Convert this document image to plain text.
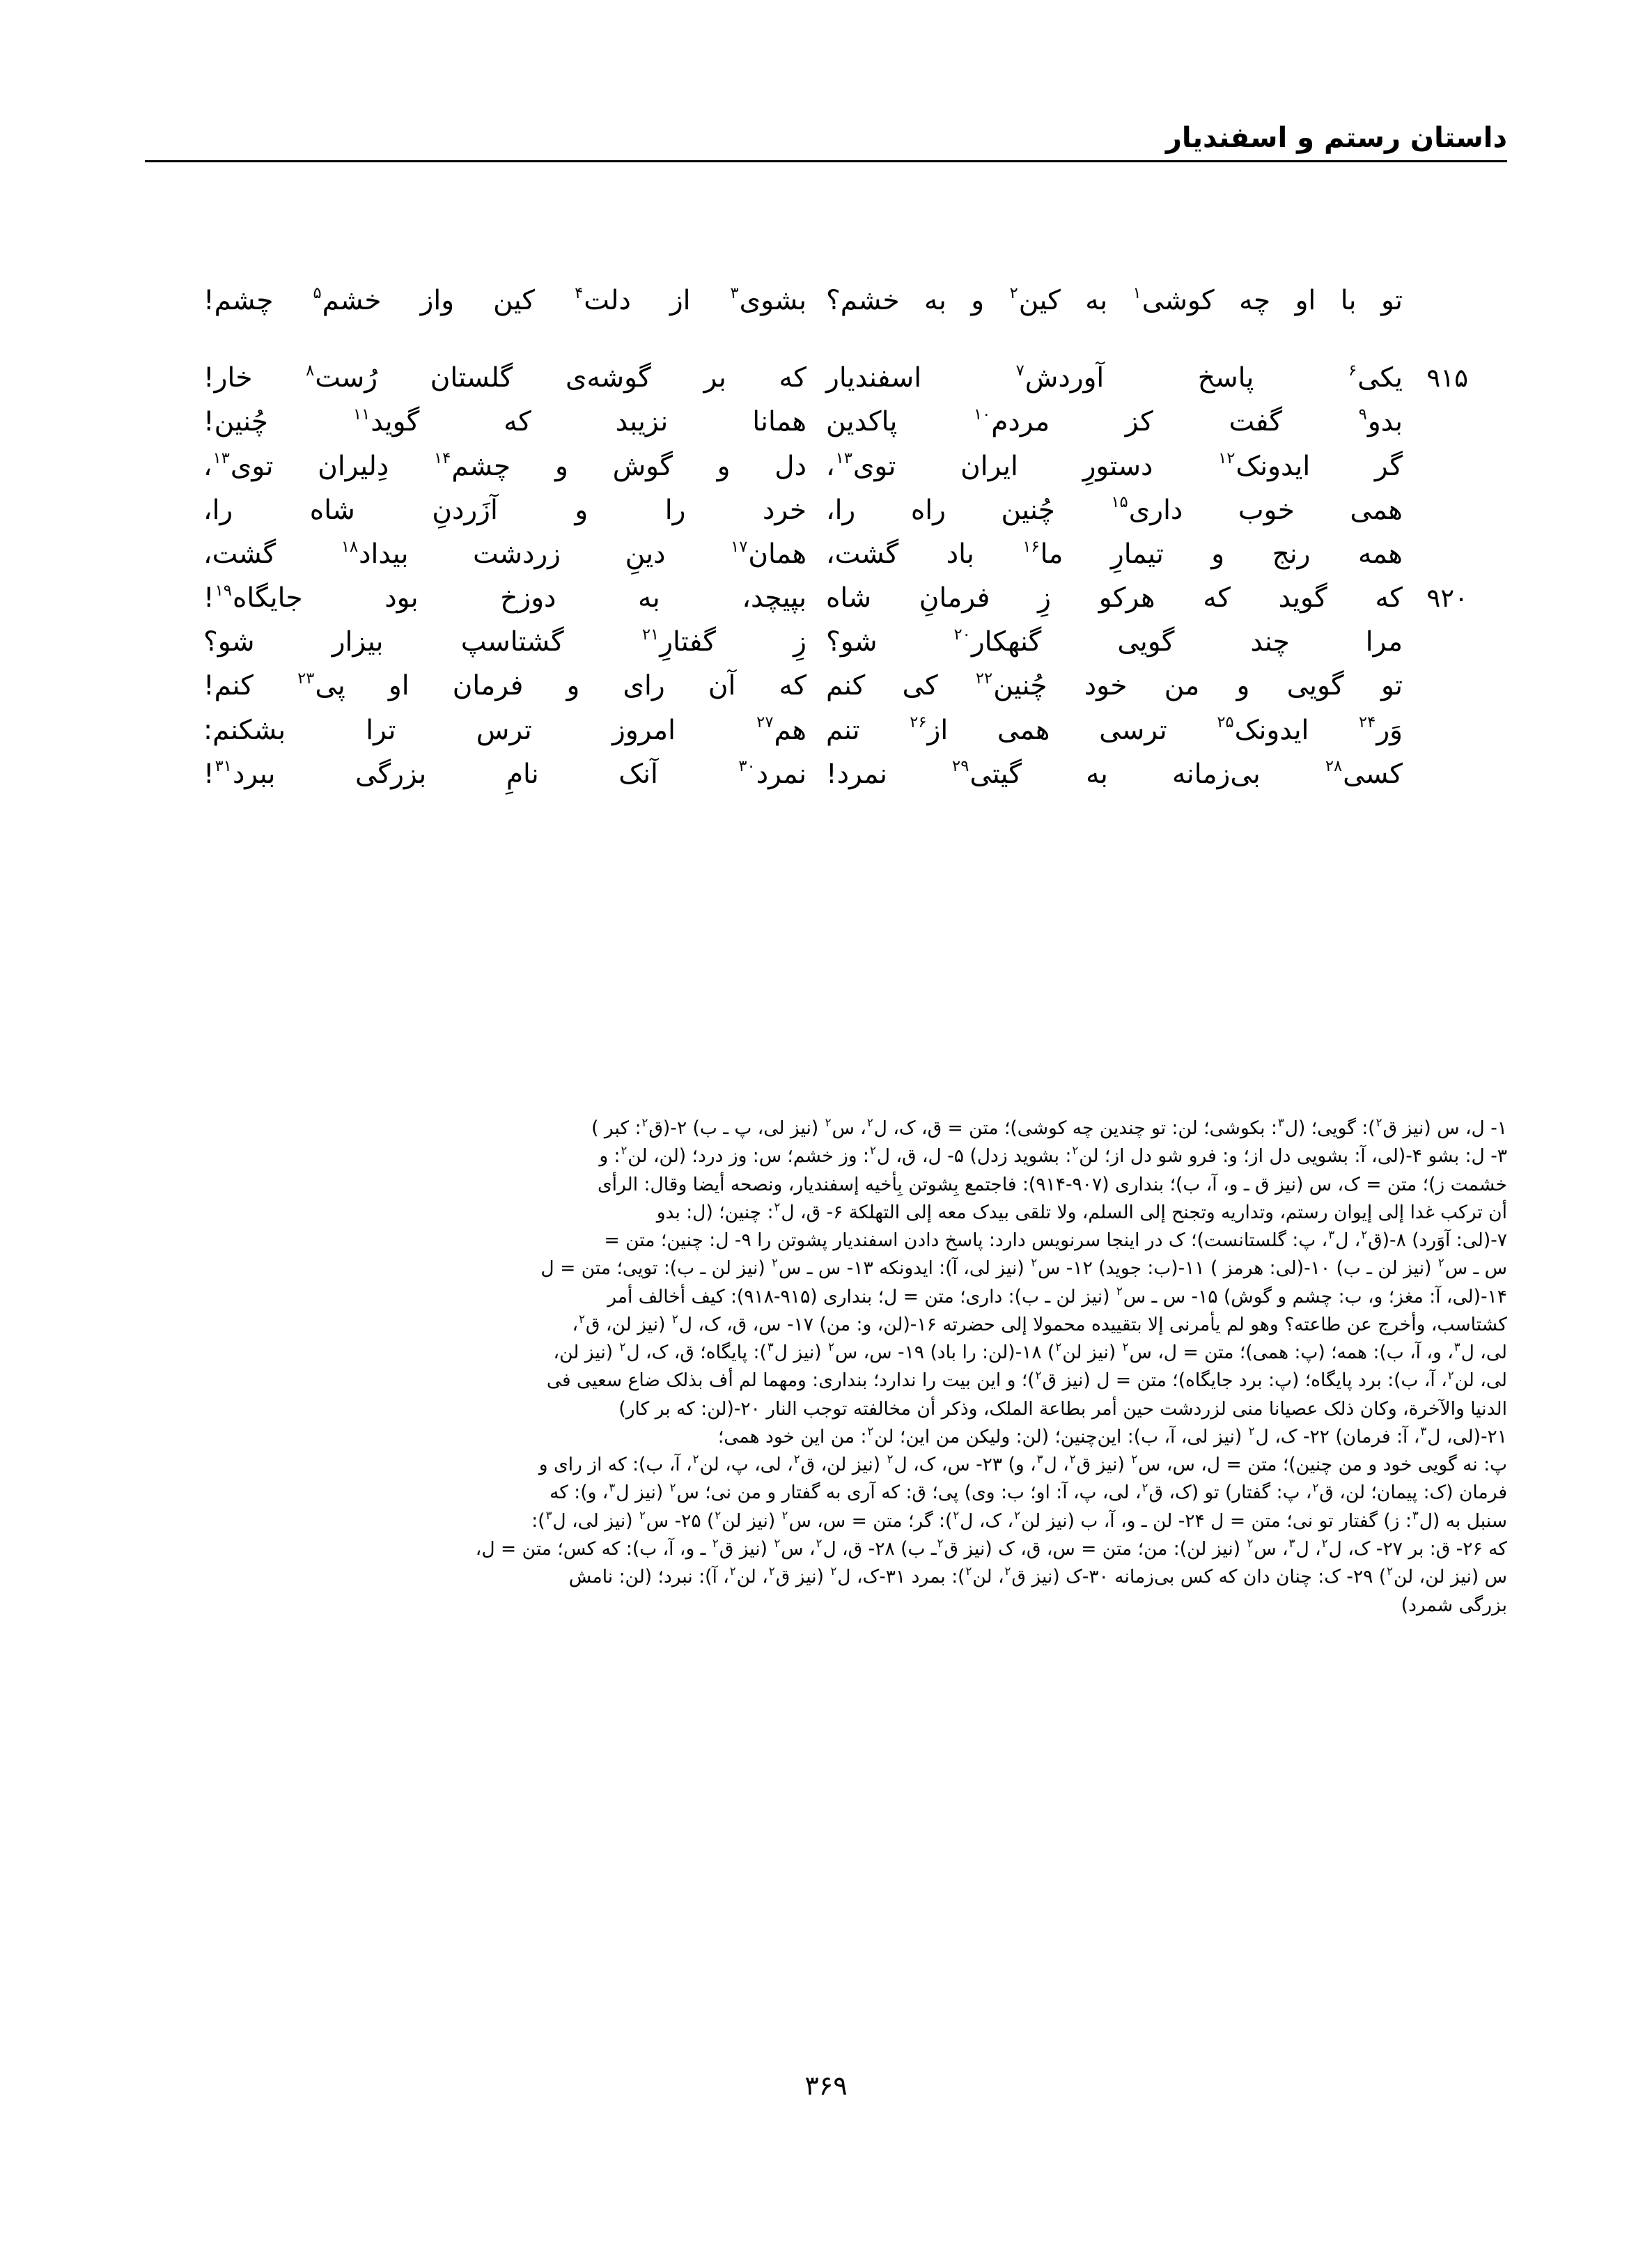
داستان رستم و اسفندیار
تو با او چه کوشی$^۱$ به کین$^۲$ و به خشم؟
بشوی$^۳$ از دلت$^۴$ کین واز خشم$^۵$ چشم!
۹۱۵
یکی$^۶$ پاسخ آوردش$^۷$ اسفندیار
که بر گوشه‌ی گلستان رُست$^۸$ خار!
بدو$^۹$ گفت کز مردم$^{۱۰}$ پاکدین
همانا نزیبد که گوید$^{۱۱}$ چُنین!
گر ایدونک$^{۱۲}$ دستورِ ایران توی$^{۱۳}$،
دل و گوش و چشم$^{۱۴}$ دِلیران توی$^{۱۳}$،
همی خوب داری$^{۱۵}$ چُنین راه را،
خرد را و آزَردنِ شاه را،
همه رنج و تیمارِ ما$^{۱۶}$ باد گشت،
همان$^{۱۷}$ دینِ زردشت بیداد$^{۱۸}$ گشت،
۹۲۰
که گوید که هرکو زِ فرمانِ شاه
بپیچد، به دوزخ بود جایگاه$^{۱۹}$!
مرا چند گویی گنهکار$^{۲۰}$ شو؟
زِ گفتارِ$^{۲۱}$ گشتاسپ بیزار شو؟
تو گویی و من خود چُنین$^{۲۲}$ کی کنم
که آن رای و فرمان او پی$^{۲۳}$ کنم!
وَر$^{۲۴}$ ایدونک$^{۲۵}$ ترسی همی از$^{۲۶}$ تنم
هم$^{۲۷}$ امروز ترس ترا بشکنم:
کسی$^{۲۸}$ بی‌زمانه به گیتی$^{۲۹}$ نمرد!
نمرد$^{۳۰}$ آنک نامِ بزرگی ببرد$^{۳۱}$!
۱- ل، س (نیز ق$^۲$): گویی؛ (ل$^۳$: بکوشی؛ لن: تو چندین چه کوشی)؛ متن = ق، ک، ل$^۲$، س$^۲$ (نیز لی، پ ـ ب) ۲-(ق$^۲$: کبر )
۳- ل: بشو ۴-(لی، آ: بشویی دل از؛ و: فرو شو دل از؛ لن$^۲$: بشوید زدل) ۵- ل، ق، ل$^۲$: وز خشم؛ س: وز درد؛ (لن، لن$^۲$: و
خشمت ز)؛ متن = ک، س (نیز ق ـ و، آ، ب)؛ بنداری (۹۰۷-۹۱۴): فاجتمع بِشوتن بِأخیه إسفندیار، ونصحه أیضا وقال: الرأی
أن ترکب غدا إلی إیوان رستم، وتداریه وتجنح إلی السلم، ولا تلقی بیدک معه إلی التهلکة ۶- ق، ل$^۲$: چنین؛ (ل: بدو
۷-(لی: آوَرد) ۸-(ق$^۲$، ل$^۳$، پ: گلستانست)؛ ک در اینجا سرنویس دارد: پاسخ دادن اسفندیار پشوتن را ۹- ل: چنین؛ متن =
س ـ س$^۲$ (نیز لن ـ ب) ۱۰-(لی: هرمز ) ۱۱-(ب: جوید) ۱۲- س$^۲$ (نیز لی، آ): ایدونکه ۱۳- س ـ س$^۲$ (نیز لن ـ ب): تویی؛ متن = ل
۱۴-(لی، آ: مغز؛ و، ب: چشم و گوش) ۱۵- س ـ س$^۲$ (نیز لن ـ ب): داری؛ متن = ل؛ بنداری (۹۱۵-۹۱۸): کیف أخالف أمر
کشتاسب، وأخرج عن طاعته؟ وهو لم یأمرنی إلا بتقییده محمولا إلی حضرته ۱۶-(لن، و: من) ۱۷- س، ق، ک، ل$^۲$ (نیز لن، ق$^۲$،
لی، ل$^۳$، و، آ، ب): همه؛ (پ: همی)؛ متن = ل، س$^۲$ (نیز لن$^۲$) ۱۸-(لن: را باد) ۱۹- س، س$^۲$ (نیز ل$^۳$): پایگاه؛ ق، ک، ل$^۲$ (نیز لن،
لی، لن$^۲$، آ، ب): برد پایگاه؛ (پ: برد جایگاه)؛ متن = ل (نیز ق$^۲$)؛ و این بیت را ندارد؛ بنداری: ومهما لم أف بذلک ضاع سعیی فی
الدنیا والآخرة، وکان ذلک عصیانا منی لزردشت حین أمر بطاعة الملک، وذکر أن مخالفته توجب النار ۲۰-(لن: که بر کار)
۲۱-(لی، ل$^۳$، آ: فرمان) ۲۲- ک، ل$^۲$ (نیز لی، آ، ب): این‌چنین؛ (لن: ولیکن من این؛ لن$^۲$: من این خود همی؛
پ: نه گویی خود و من چنین)؛ متن = ل، س، س$^۲$ (نیز ق$^۲$، ل$^۳$، و) ۲۳- س، ک، ل$^۲$ (نیز لن، ق$^۲$، لی، پ، لن$^۲$، آ، ب): که از رای و
فرمان (ک: پیمان؛ لن، ق$^۲$، پ: گفتار) تو (ک، ق$^۲$، لی، پ، آ: او؛ ب: وی) پی؛ ق: که آری به گفتار و من نی؛ س$^۲$ (نیز ل$^۳$، و): که
سنبل به (ل$^۳$: ز) گفتار تو نی؛ متن = ل ۲۴- لن ـ و، آ، ب (نیز لن$^۲$، ک، ل$^۲$): گر؛ متن = س، س$^۲$ (نیز لن$^۲$) ۲۵- س$^۲$ (نیز لی، ل$^۳$):
که ۲۶- ق: بر ۲۷- ک، ل$^۲$، ل$^۳$، س$^۲$ (نیز لن): من؛ متن = س، ق، ک (نیز ق$^۲$ـ ب) ۲۸- ق، ل$^۲$، س$^۲$ (نیز ق$^۲$ ـ و، آ، ب): که کس؛ متن = ل،
س (نیز لن، لن$^۲$) ۲۹- ک: چنان دان که کس بی‌زمانه ۳۰-ک (نیز ق$^۲$، لن$^۲$): بمرد ۳۱-ک، ل$^۲$ (نیز ق$^۲$، لن$^۲$، آ): نبرد؛ (لن: نامش
بزرگی شمرد)
۳۶۹
